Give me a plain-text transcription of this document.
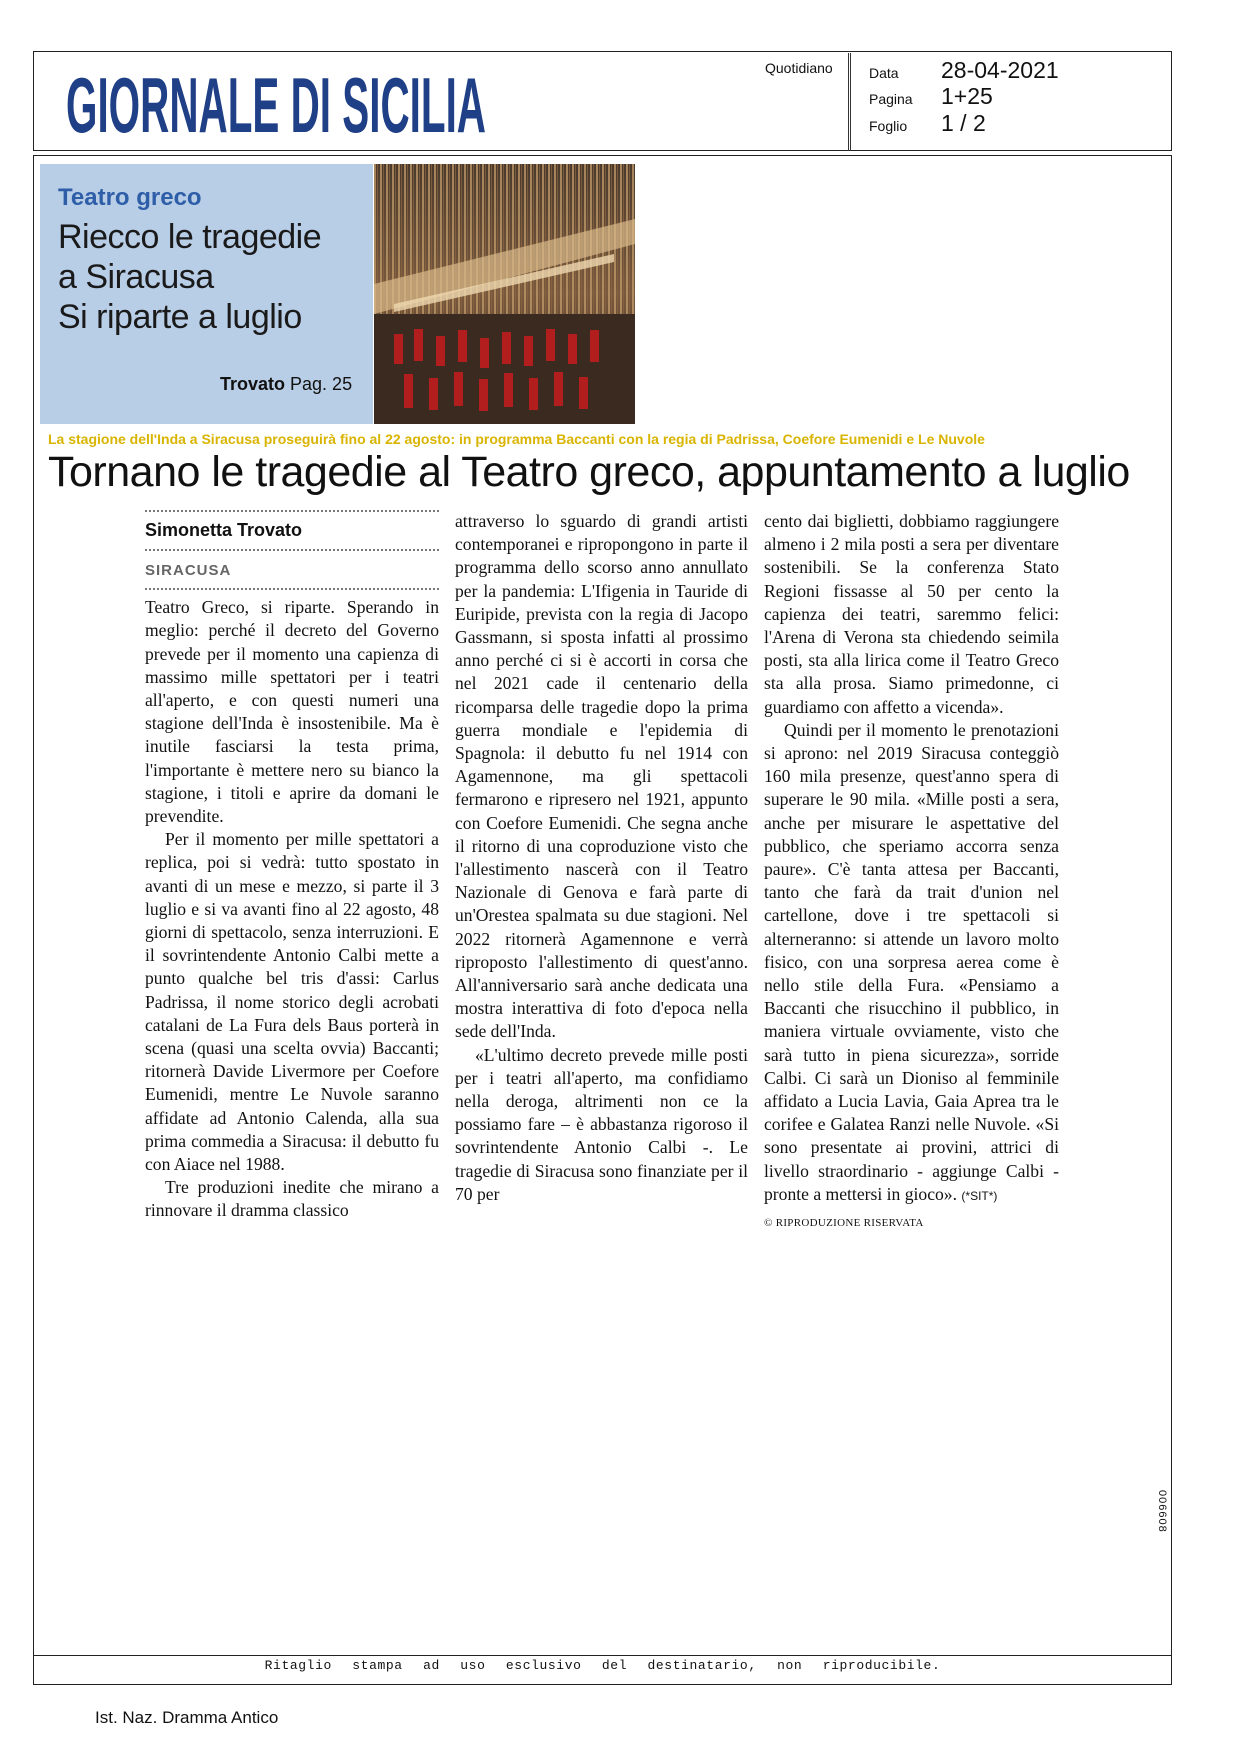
GIORNALE DI SICILIA	Quotidiano	Data	28-04-2021
Pagina	1+25
Foglio	1 / 2
Teatro greco
Riecco le tragedie
a Siracusa
Si riparte a luglio
Trovato Pag. 25
La stagione dell'Inda a Siracusa proseguirà fino al 22 agosto: in programma Baccanti con la regia di Padrissa, Coefore Eumenidi e Le Nuvole
Tornano le tragedie al Teatro greco, appuntamento a luglio
Simonetta Trovato
SIRACUSA

Teatro Greco, si riparte. Sperando in meglio: perché il decreto del Governo prevede per il momento una capienza di massimo mille spettatori per i teatri all'aperto, e con questi numeri una stagione dell'Inda è insostenibile. Ma è inutile fasciarsi la testa prima, l'importante è mettere nero su bianco la stagione, i titoli e aprire da domani le prevendite.

Per il momento per mille spettatori a replica, poi si vedrà: tutto spostato in avanti di un mese e mezzo, si parte il 3 luglio e si va avanti fino al 22 agosto, 48 giorni di spettacolo, senza interruzioni. E il sovrintendente Antonio Calbi mette a punto qualche bel tris d'assi: Carlus Padrissa, il nome storico degli acrobati catalani de La Fura dels Baus porterà in scena (quasi una scelta ovvia) Baccanti; ritornerà Davide Livermore per Coefore Eumenidi, mentre Le Nuvole saranno affidate ad Antonio Calenda, alla sua prima commedia a Siracusa: il debutto fu con Aiace nel 1988.

Tre produzioni inedite che mirano a rinnovare il dramma classico

attraverso lo sguardo di grandi artisti contemporanei e ripropongono in parte il programma dello scorso anno annullato per la pandemia: L'Ifigenia in Tauride di Euripide, prevista con la regia di Jacopo Gassmann, si sposta infatti al prossimo anno perché ci si è accorti in corsa che nel 2021 cade il centenario della ricomparsa delle tragedie dopo la prima guerra mondiale e l'epidemia di Spagnola: il debutto fu nel 1914 con Agamennone, ma gli spettacoli fermarono e ripresero nel 1921, appunto con Coefore Eumenidi. Che segna anche il ritorno di una coproduzione visto che l'allestimento nascerà con il Teatro Nazionale di Genova e farà parte di un'Orestea spalmata su due stagioni. Nel 2022 ritornerà Agamennone e verrà riproposto l'allestimento di quest'anno. All'anniversario sarà anche dedicata una mostra interattiva di foto d'epoca nella sede dell'Inda.

«L'ultimo decreto prevede mille posti per i teatri all'aperto, ma confidiamo nella deroga, altrimenti non ce la possiamo fare – è abbastanza rigoroso il sovrintendente Antonio Calbi -. Le tragedie di Siracusa sono finanziate per il 70 per

cento dai biglietti, dobbiamo raggiungere almeno i 2 mila posti a sera per diventare sostenibili. Se la conferenza Stato Regioni fissasse al 50 per cento la capienza dei teatri, saremmo felici: l'Arena di Verona sta chiedendo seimila posti, sta alla lirica come il Teatro Greco sta alla prosa. Siamo primedonne, ci guardiamo con affetto a vicenda».

Quindi per il momento le prenotazioni si aprono: nel 2019 Siracusa conteggiò 160 mila presenze, quest'anno spera di superare le 90 mila. «Mille posti a sera, anche per misurare le aspettative del pubblico, che speriamo accorra senza paure». C'è tanta attesa per Baccanti, tanto che farà da trait d'union nel cartellone, dove i tre spettacoli si alterneranno: si attende un lavoro molto fisico, con una sorpresa aerea come è nello stile della Fura. «Pensiamo a Baccanti che risucchino il pubblico, in maniera virtuale ovviamente, visto che sarà tutto in piena sicurezza», sorride Calbi. Ci sarà un Dioniso al femminile affidato a Lucia Lavia, Gaia Aprea tra le corifee e Galatea Ranzi nelle Nuvole. «Si sono presentate ai provini, attrici di livello straordinario - aggiunge Calbi - pronte a mettersi in gioco». (*SIT*)

© RIPRODUZIONE RISERVATA
006608
Ritaglio stampa ad uso esclusivo del destinatario, non riproducibile.
Ist. Naz. Dramma Antico
